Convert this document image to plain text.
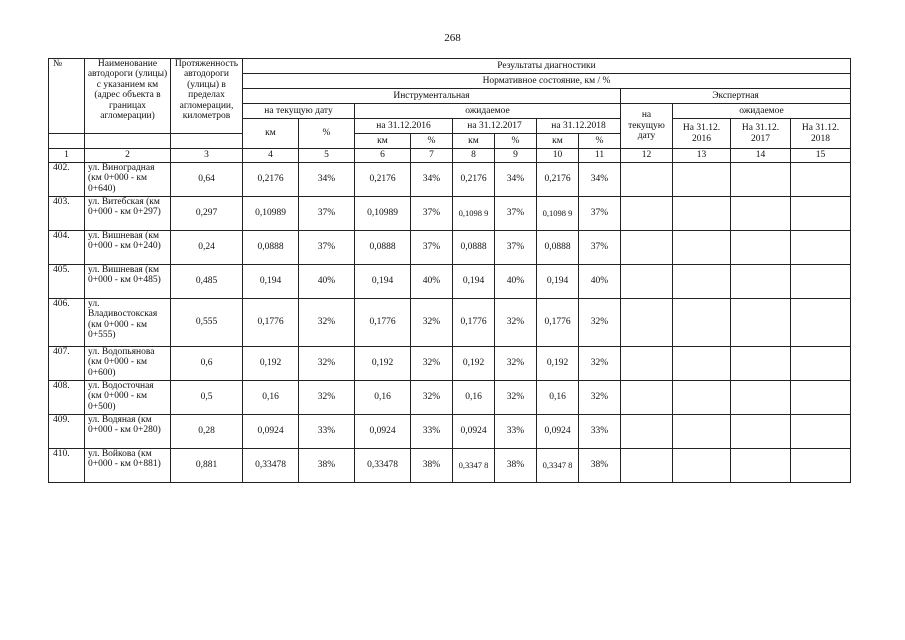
268
№	Наименование автодороги (улицы) с указанием км (адрес объекта в границах агломерации)	Протяженность автодороги (улицы) в пределах агломерации, километров	Результаты диагностики											
			Нормативное состояние, км / %											
			Инструментальная								Экспертная			
			на текущую дату		ожидаемое						на текущую дату	ожидаемое		
			км	%	на 31.12.2016		на 31.12.2017		на 31.12.2018			На 31.12. 2016	На 31.12. 2017	На 31.12. 2018
					км	%	км	%	км	%				
1	2	3	4	5	6	7	8	9	10	11	12	13	14	15
402.	ул. Виноградная (км 0+000 - км 0+640)	0,64	0,2176	34%	0,2176	34%	0,2176	34%	0,2176	34%				
403.	ул. Витебская (км 0+000 - км 0+297)	0,297	0,10989	37%	0,10989	37%	0,1098 9	37%	0,1098 9	37%				
404.	ул. Вишневая (км 0+000 - км 0+240)	0,24	0,0888	37%	0,0888	37%	0,0888	37%	0,0888	37%				
405.	ул. Вишневая (км 0+000 - км 0+485)	0,485	0,194	40%	0,194	40%	0,194	40%	0,194	40%				
406.	ул. Владивостокская (км 0+000 - км 0+555)	0,555	0,1776	32%	0,1776	32%	0,1776	32%	0,1776	32%				
407.	ул. Водопьянова (км 0+000 - км 0+600)	0,6	0,192	32%	0,192	32%	0,192	32%	0,192	32%				
408.	ул. Водосточная (км 0+000 - км 0+500)	0,5	0,16	32%	0,16	32%	0,16	32%	0,16	32%				
409.	ул. Водяная (км 0+000 - км 0+280)	0,28	0,0924	33%	0,0924	33%	0,0924	33%	0,0924	33%				
410.	ул. Войкова (км 0+000 - км 0+881)	0,881	0,33478	38%	0,33478	38%	0,3347 8	38%	0,3347 8	38%				
